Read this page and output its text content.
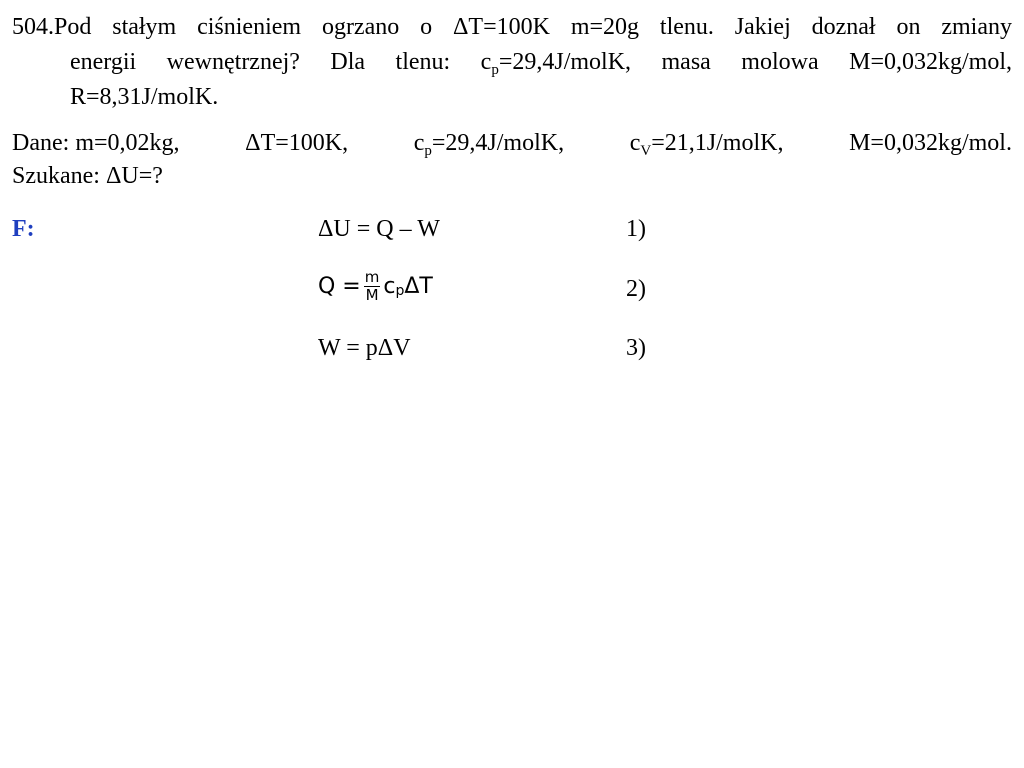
504.Pod stałym ciśnieniem ogrzano o ΔT=100K m=20g tlenu. Jakiej doznał on zmiany
energii wewnętrznej? Dla tlenu: $c_p=29,4J$/molK, masa molowa M=0,032kg/mol,
R=8,31J/molK.
Dane: m=0,02kg,	ΔT=100K,	$c_p=29,4J$/molK,	$c_V=21,1J$/molK,	M=0,032kg/mol.
Szukane: ΔU=?
F:	ΔU = Q – W	1)
$Q = \frac{m}{M}$ c p ΔT	2)
W = pΔV	3)
